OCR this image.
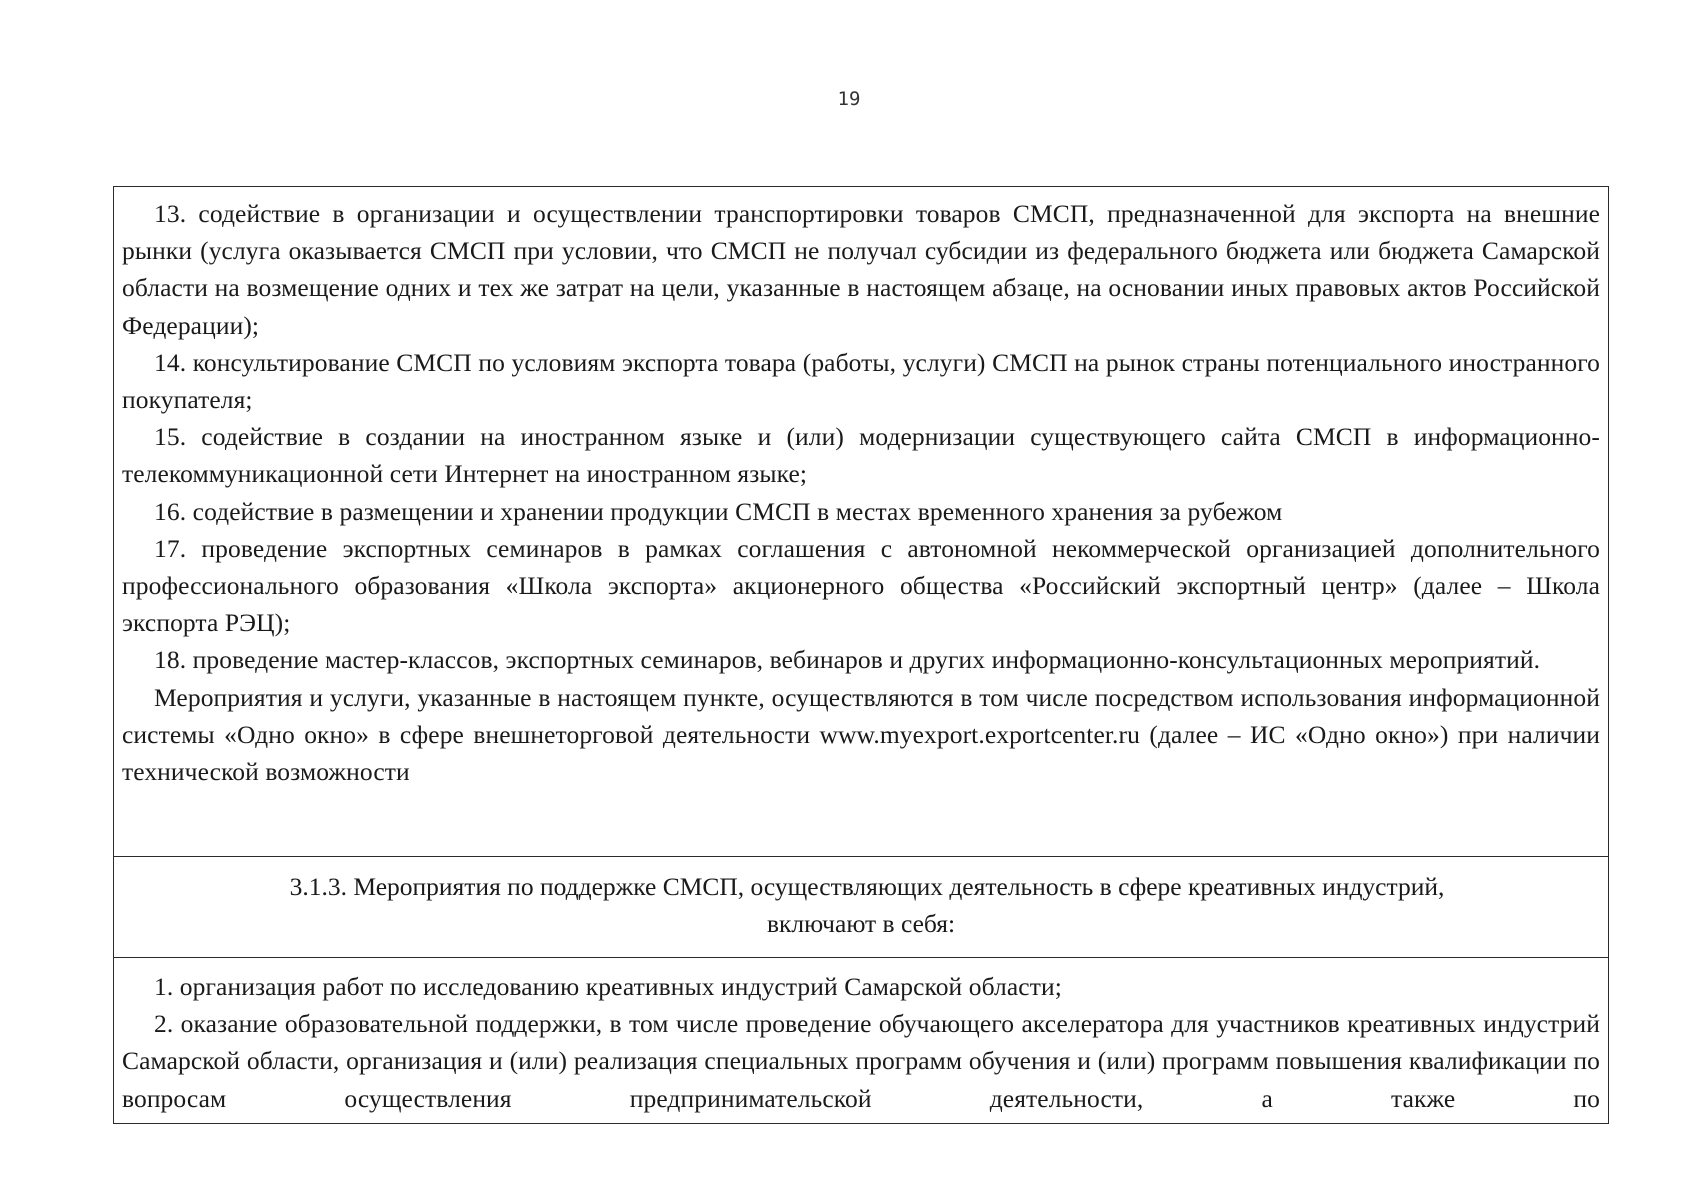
19

13. содействие в организации и осуществлении транспортировки товаров СМСП, предназначенной для экспорта на внешние рынки (услуга оказывается СМСП при условии, что СМСП не получал субсидии из федерального бюджета или бюджета Самарской области на возмещение одних и тех же затрат на цели, указанные в настоящем абзаце, на основании иных правовых актов Российской Федерации);

14. консультирование СМСП по условиям экспорта товара (работы, услуги) СМСП на рынок страны потенциального иностранного покупателя;

15. содействие в создании на иностранном языке и (или) модернизации существующего сайта СМСП в информационно-телекоммуникационной сети Интернет на иностранном языке;

16. содействие в размещении и хранении продукции СМСП в местах временного хранения за рубежом

17. проведение экспортных семинаров в рамках соглашения с автономной некоммерческой организацией дополнительного профессионального образования «Школа экспорта» акционерного общества «Российский экспортный центр» (далее – Школа экспорта РЭЦ);

18. проведение мастер-классов, экспортных семинаров, вебинаров и других информационно-консультационных мероприятий.

Мероприятия и услуги, указанные в настоящем пункте, осуществляются в том числе посредством использования информационной системы «Одно окно» в сфере внешнеторговой деятельности www.myexport.exportcenter.ru (далее – ИС «Одно окно») при наличии технической возможности

3.1.3. Мероприятия по поддержке СМСП, осуществляющих деятельность в сфере креативных индустрий,

включают в себя:

1. организация работ по исследованию креативных индустрий Самарской области;

2. оказание образовательной поддержки, в том числе проведение обучающего акселератора для участников креативных индустрий Самарской области, организация и (или) реализация специальных программ обучения и (или) программ повышения квалификации по вопросам осуществления предпринимательской деятельности, а также по
